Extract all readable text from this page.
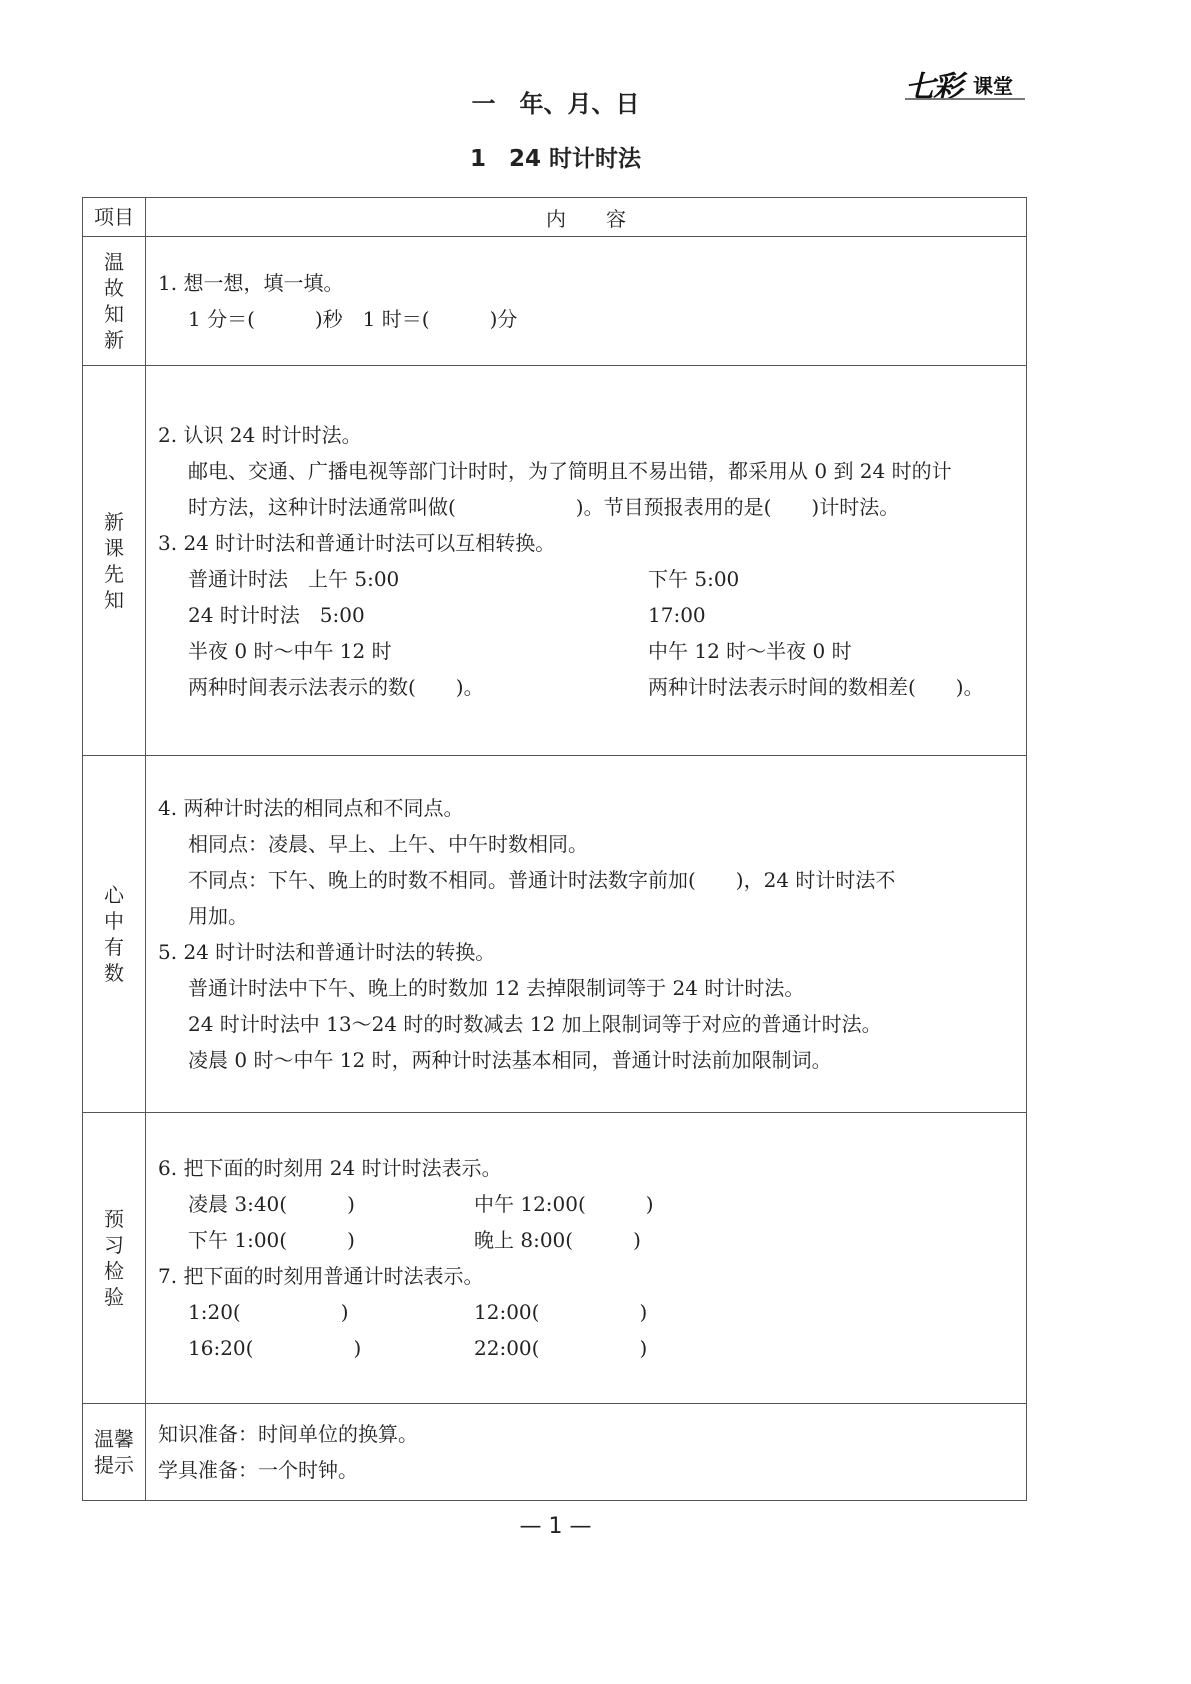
七彩 课堂
一　年、月、日
1　24 时计时法
项目	内　　容
温故知新	1. 想一想，填一填。
1 分＝(　　　)秒　1 时＝(　　　)分

新课先知	
2. 认识 24 时计时法。
邮电、交通、广播电视等部门计时时，为了简明且不易出错，都采用从 0 到 24 时的计
时方法，这种计时法通常叫做(　　　　　　)。节目预报表用的是(　　)计时法。
3. 24 时计时法和普通计时法可以互相转换。
普通计时法　上午 5:00	下午 5:00
24 时计时法　5:00	17:00
半夜 0 时～中午 12 时	中午 12 时～半夜 0 时
两种时间表示法表示的数(　　)。	两种计时法表示时间的数相差(　　)。

心中有数	
4. 两种计时法的相同点和不同点。
相同点：凌晨、早上、上午、中午时数相同。
不同点：下午、晚上的时数不相同。普通计时法数字前加(　　)，24 时计时法不
用加。
5. 24 时计时法和普通计时法的转换。
普通计时法中下午、晚上的时数加 12 去掉限制词等于 24 时计时法。
24 时计时法中 13～24 时的时数减去 12 加上限制词等于对应的普通计时法。
凌晨 0 时～中午 12 时，两种计时法基本相同，普通计时法前加限制词。

预习检验	
6. 把下面的时刻用 24 时计时法表示。
凌晨 3:40(　　　)	中午 12:00(　　　)
下午 1:00(　　　)	晚上 8:00(　　　)
7. 把下面的时刻用普通计时法表示。
1:20(　　　　　)	12:00(　　　　　)
16:20(　　　　　)	22:00(　　　　　)

温馨提示	知识准备：时间单位的换算。
学具准备：一个时钟。
— 1 —
